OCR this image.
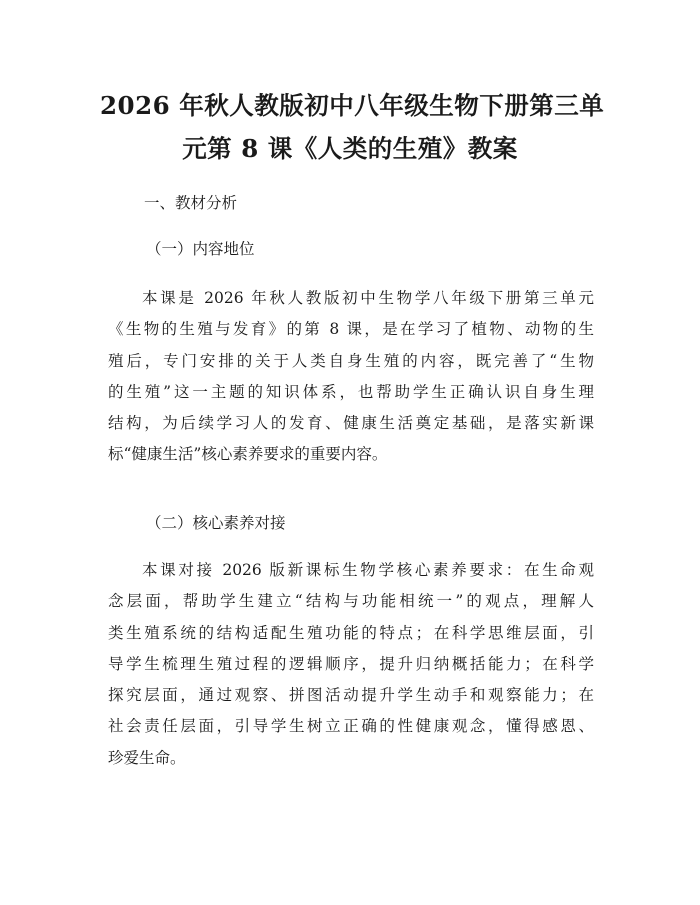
2026 年秋人教版初中八年级生物下册第三单
元第 8 课《人类的生殖》教案
一、教材分析
（一）内容地位
本课是 2026 年秋人教版初中生物学八年级下册第三单元
《生物的生殖与发育》的第 8 课，是在学习了植物、动物的生
殖后，专门安排的关于人类自身生殖的内容，既完善了“生物
的生殖”这一主题的知识体系，也帮助学生正确认识自身生理
结构，为后续学习人的发育、健康生活奠定基础，是落实新课
标“健康生活”核心素养要求的重要内容。
（二）核心素养对接
本课对接 2026 版新课标生物学核心素养要求：在生命观
念层面，帮助学生建立“结构与功能相统一”的观点，理解人
类生殖系统的结构适配生殖功能的特点；在科学思维层面，引
导学生梳理生殖过程的逻辑顺序，提升归纳概括能力；在科学
探究层面，通过观察、拼图活动提升学生动手和观察能力；在
社会责任层面，引导学生树立正确的性健康观念，懂得感恩、
珍爱生命。
